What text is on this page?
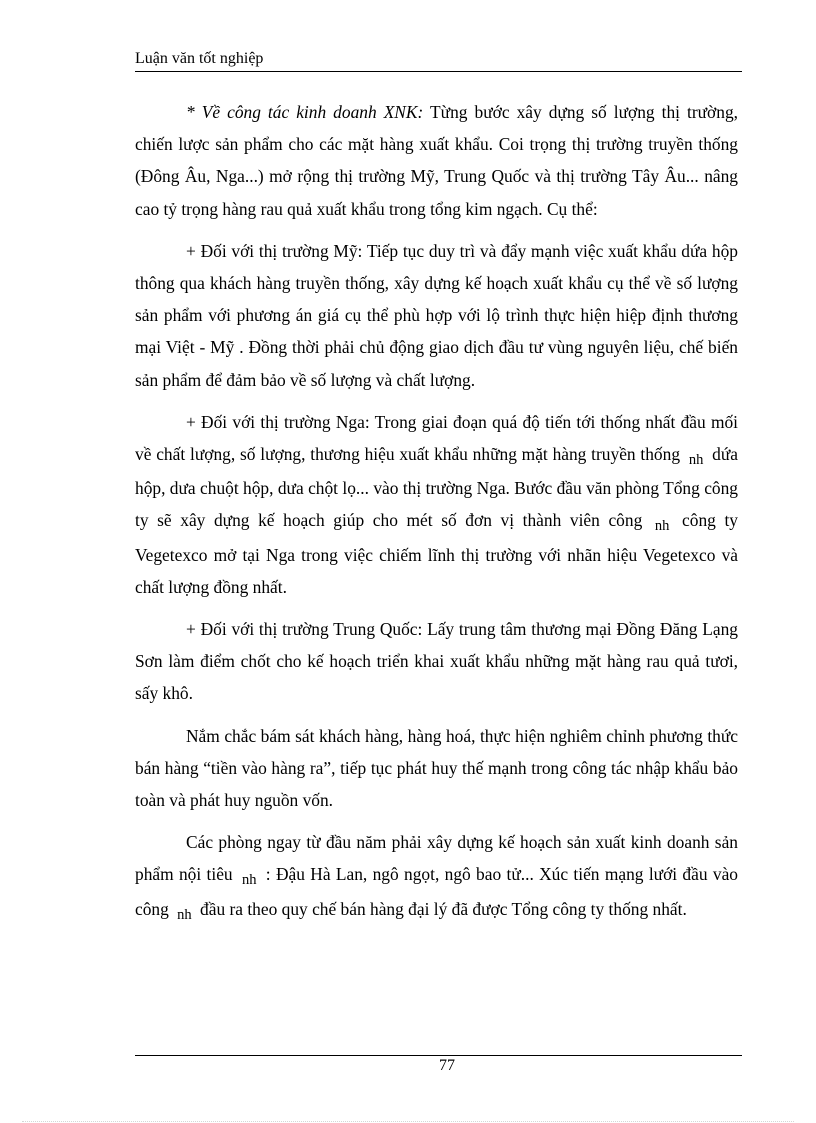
Luận văn tốt nghiệp

* Về công tác kinh doanh XNK: Từng bước xây dựng số lượng thị trường, chiến lược sản phẩm cho các mặt hàng xuất khẩu. Coi trọng thị trường truyền thống (Đông Âu, Nga...) mở rộng thị trường Mỹ, Trung Quốc và thị trường Tây Âu... nâng cao tỷ trọng hàng rau quả xuất khẩu trong tổng kim ngạch. Cụ thể:

+ Đối với thị trường Mỹ: Tiếp tục duy trì và đẩy mạnh việc xuất khẩu dứa hộp thông qua khách hàng truyền thống, xây dựng kế hoạch xuất khẩu cụ thể về số lượng sản phẩm với phương án giá cụ thể phù hợp với lộ trình thực hiện hiệp định thương mại Việt - Mỹ . Đồng thời phải chủ động giao dịch đầu tư vùng nguyên liệu, chế biến sản phẩm để đảm bảo về số lượng và chất lượng.

+ Đối với thị trường Nga: Trong giai đoạn quá độ tiến tới thống nhất đầu mối về chất lượng, số lượng, thương hiệu xuất khẩu những mặt hàng truyền thống $_{nh}$ dứa hộp, dưa chuột hộp, dưa chột lọ... vào thị trường Nga. Bước đầu văn phòng Tổng công ty sẽ xây dựng kế hoạch giúp cho mét số đơn vị thành viên công $_{nh}$ công ty Vegetexco mở tại Nga trong việc chiếm lĩnh thị trường với nhãn hiệu Vegetexco và chất lượng đồng nhất.

+ Đối với thị trường Trung Quốc: Lấy trung tâm thương mại Đồng Đăng Lạng Sơn làm điểm chốt cho kế hoạch triển khai xuất khẩu những mặt hàng rau quả tươi, sấy khô.

Nắm chắc bám sát khách hàng, hàng hoá, thực hiện nghiêm chỉnh phương thức bán hàng “tiền vào hàng ra”, tiếp tục phát huy thế mạnh trong công tác nhập khẩu bảo toàn và phát huy nguồn vốn.

Các phòng ngay từ đầu năm phải xây dựng kế hoạch sản xuất kinh doanh sản phẩm nội tiêu $_{nh}$ : Đậu Hà Lan, ngô ngọt, ngô bao tử... Xúc tiến mạng lưới đầu vào công $_{nh}$ đầu ra theo quy chế bán hàng đại lý đã được Tổng công ty thống nhất.

77
